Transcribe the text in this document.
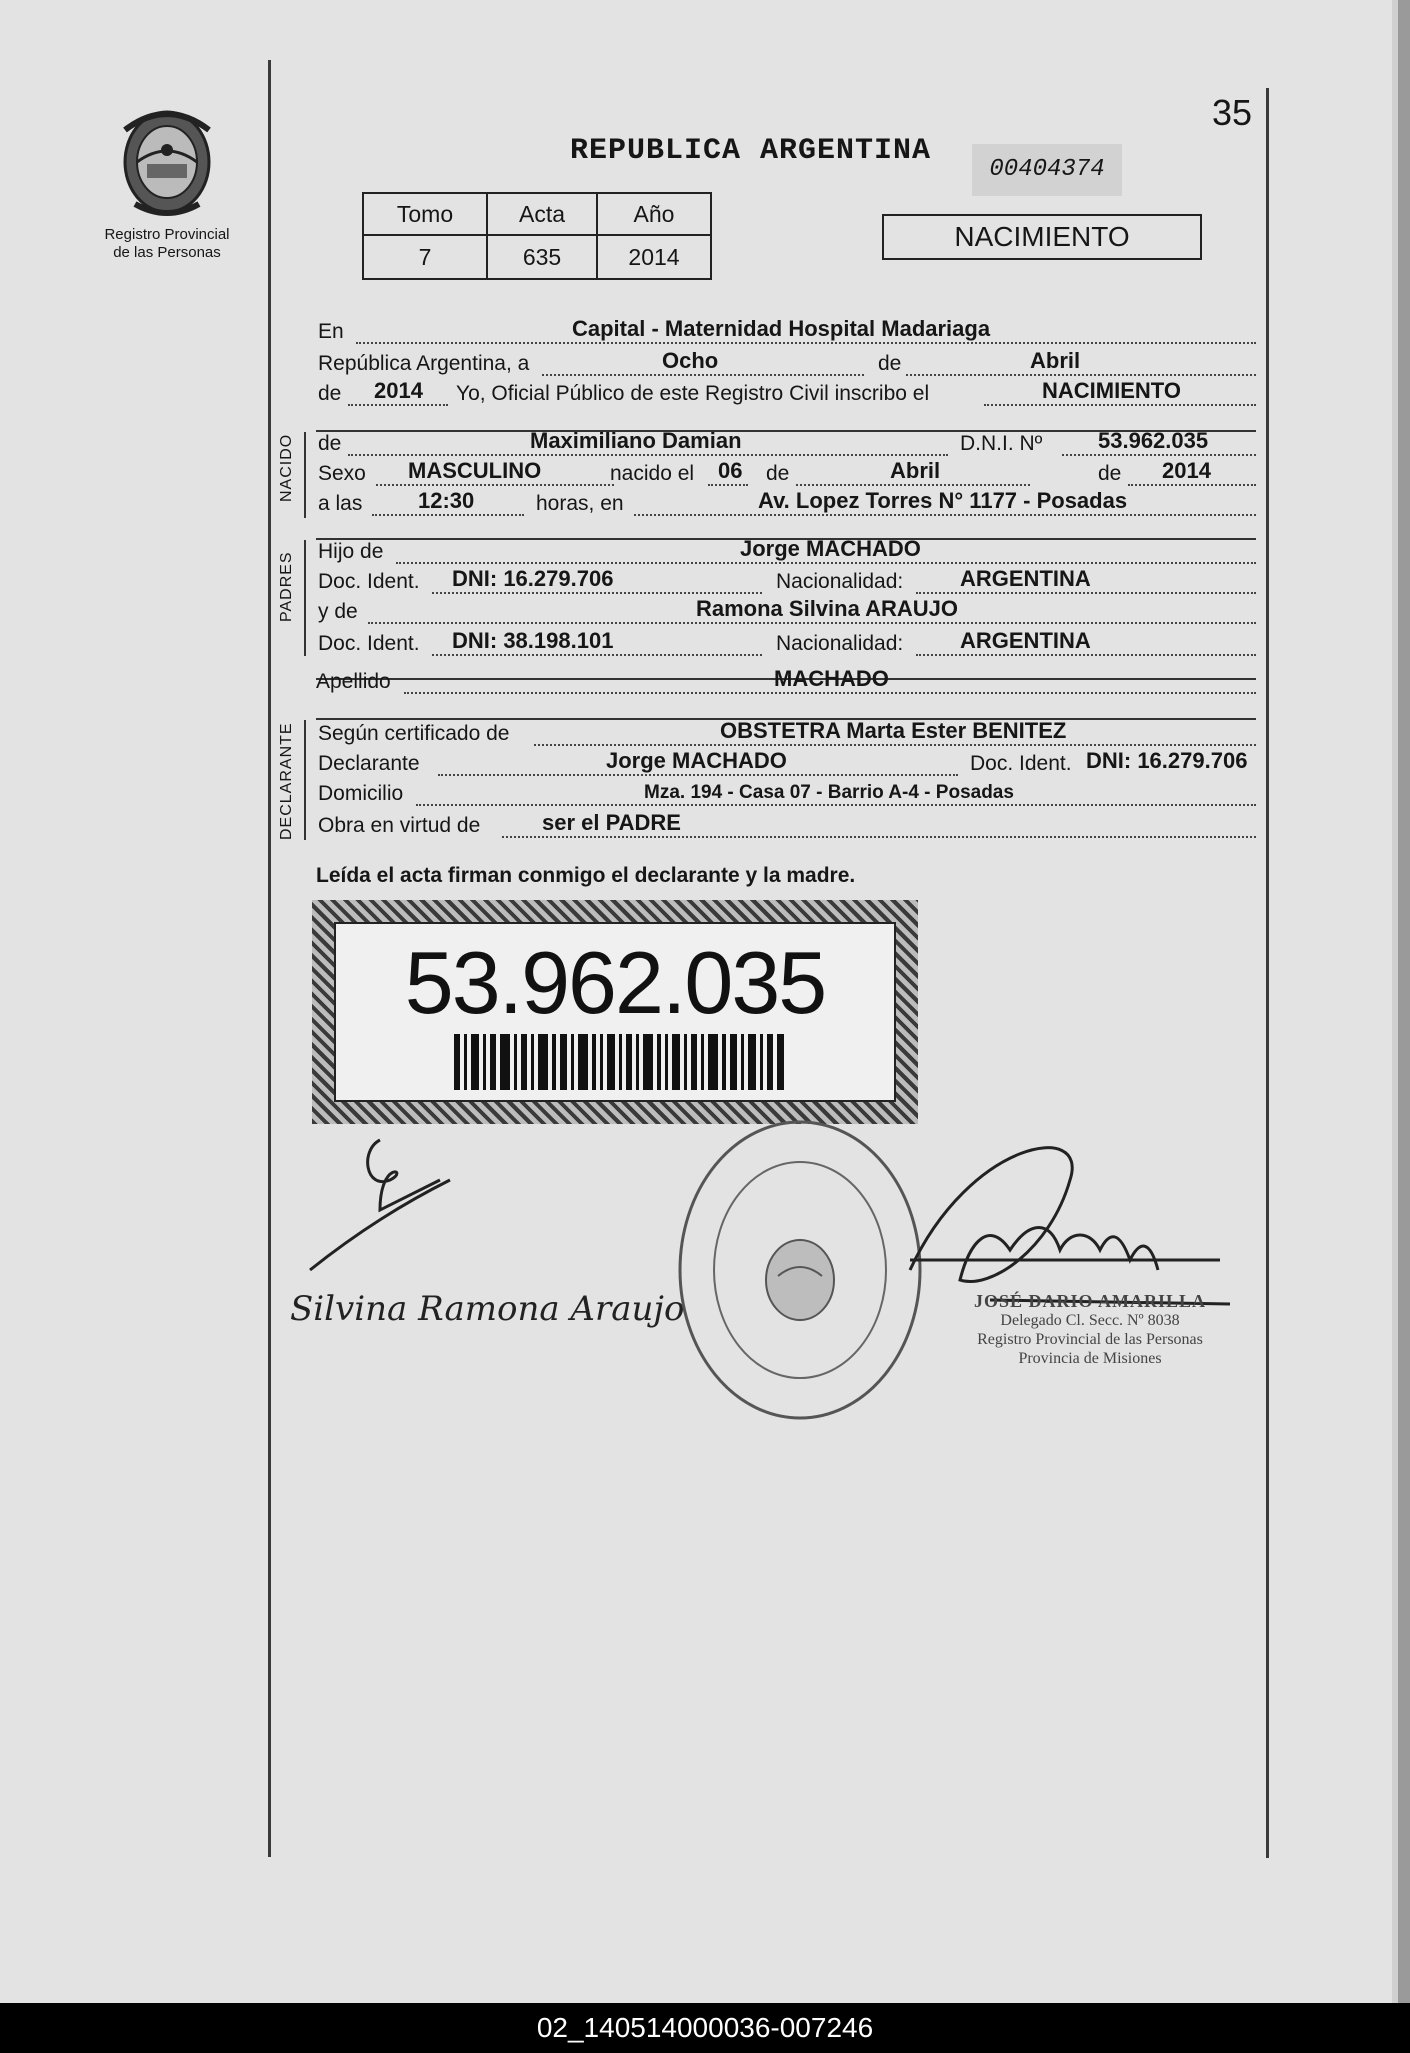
35
Registro Provincial
de las Personas
REPUBLICA ARGENTINA
00404374
Tomo	Acta	Año
7	635	2014
NACIMIENTO
En	Capital - Maternidad Hospital Madariaga
República Argentina, a	Ocho	de	Abril
de 2014 Yo, Oficial Público de este Registro Civil inscribo el	NACIMIENTO
NACIDO de	Maximiliano Damian	D.N.I. Nº	53.962.035
Sexo MASCULINO	nacido el 06 de	Abril	de 2014
a las	12:30	horas, en	Av. Lopez Torres N° 1177 - Posadas
PADRES Hijo de	Jorge MACHADO
Doc. Ident. DNI: 16.279.706	Nacionalidad:	ARGENTINA
y de	Ramona Silvina ARAUJO
Doc. Ident. DNI: 38.198.101	Nacionalidad:	ARGENTINA
Apellido	MACHADO
DECLARANTE Según certificado de	OBSTETRA Marta Ester BENITEZ
Declarante	Jorge MACHADO	Doc. Ident. DNI: 16.279.706
Domicilio	Mza. 194 - Casa 07 - Barrio A-4 - Posadas
Obra en virtud de	ser el PADRE
Leída el acta firman conmigo el declarante y la madre.
53.962.035
Silvina Ramona Araujo	JOSÉ DARIO AMARILLA
Delegado Cl. Secc. Nº 8038
Registro Provincial de las Personas
Provincia de Misiones
02_140514000036-007246
